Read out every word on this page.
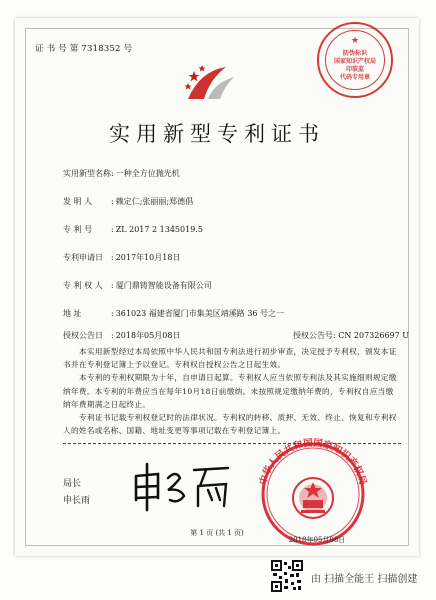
证 书 号 第 7318352 号
★
防伪标识
国家知识产权局
印装监
代码专用章
实用新型专利证书
实用新型名称: 一种全方位抛光机
发 明 人 : 赖定仁;张丽丽;郑德倡
专 利 号 : ZL 2017 2 1345019.5
专利申请日 : 2017年10月18日
专 利 权 人 : 厦门鼎铸智能设备有限公司
地 址	: 361023 福建省厦门市集美区靖溪路 36 号之一
授权公告日 : 2018年05月08日	授权公告号: CN 207326697 U

本实用新型经过本局依照中华人民共和国专利法进行初步审查，决定授予专利权，颁发本证书并在专利登记簿上予以登记。专利权自授权公告之日起生效。

本专利的专利权期限为十年，自申请日起算。专利权人应当依照专利法及其实施细则规定缴纳年费。本专利的年费应当在每年10月18日前缴纳。未按照规定缴纳年费的，专利权自应当缴纳年费期满之日起终止。

专利证书记载专利权登记时的法律状况。专利权的转移、质押、无效、终止、恢复和专利权人的姓名或名称、国籍、地址变更等事项记载在专利登记簿上。

局长
申长雨
中华人民共和国国家知识产权局
2018年05月08日
第 1 页 (共 1 页)
由 扫描全能王 扫描创建
